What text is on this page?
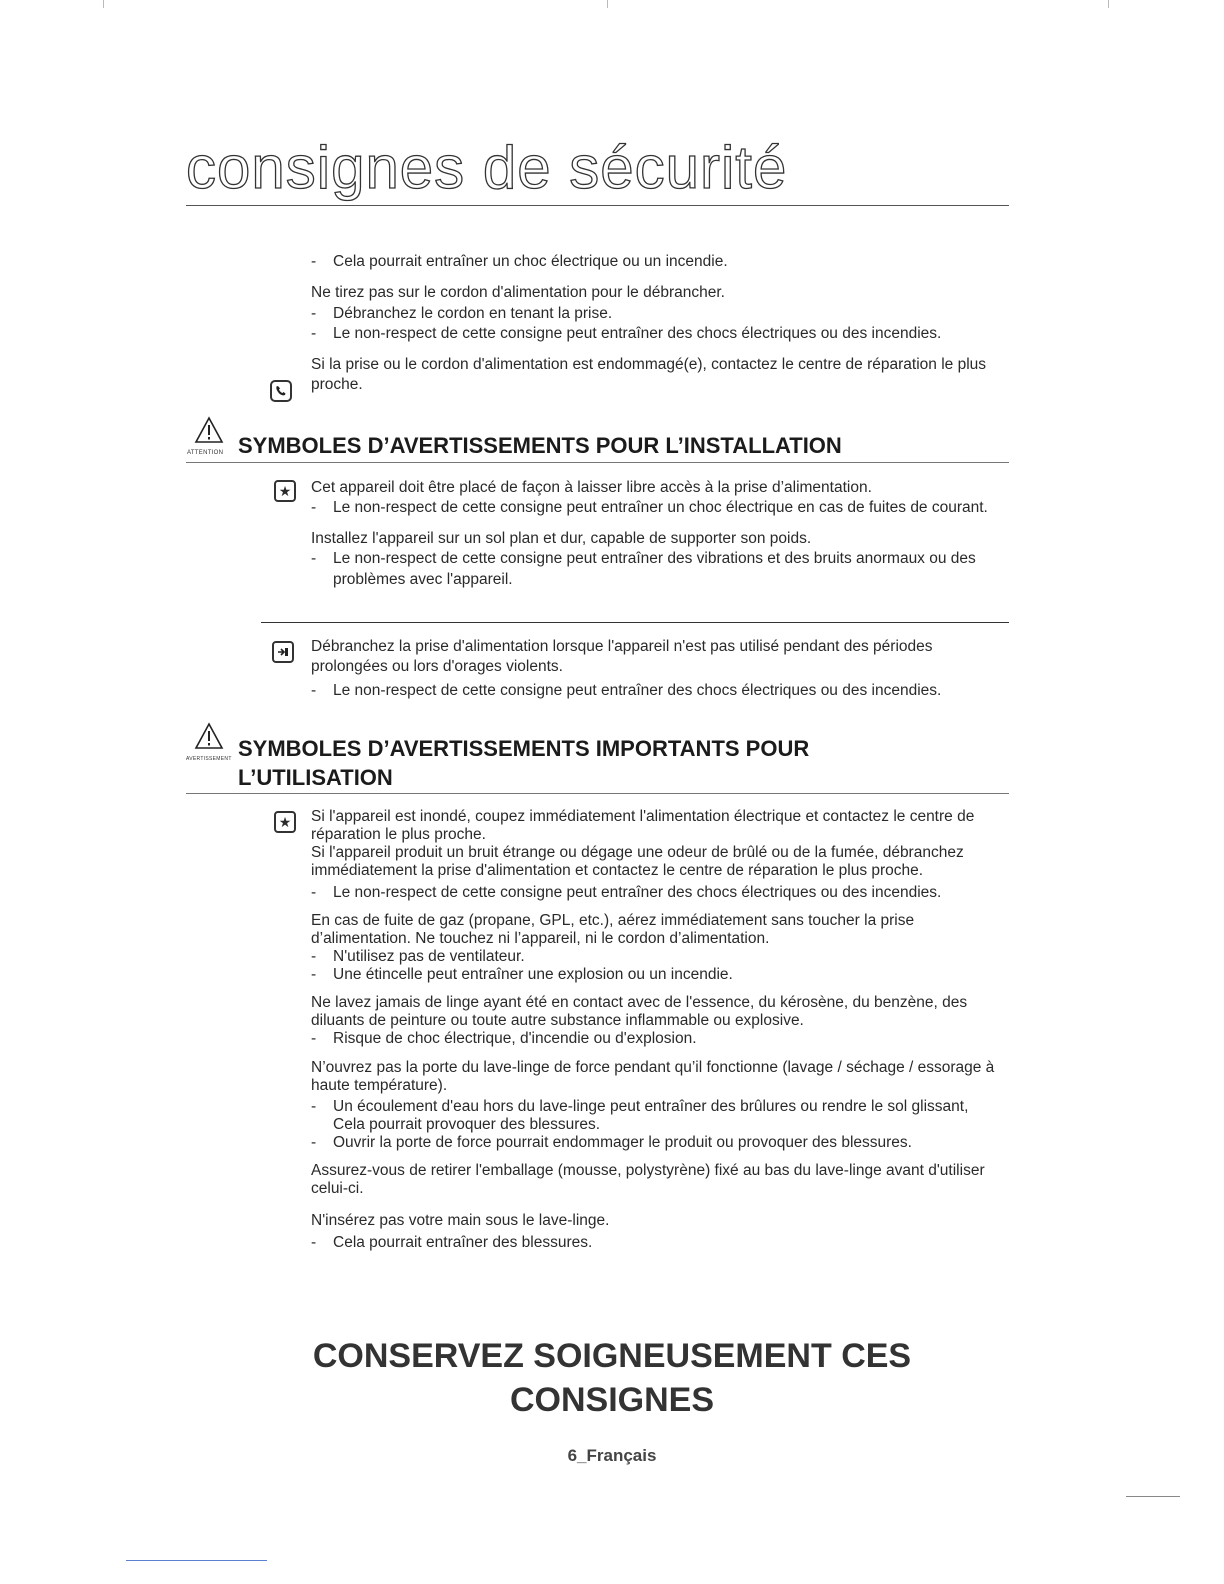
consignes de sécurité
- Cela pourrait entraîner un choc électrique ou un incendie.

Ne tirez pas sur le cordon d'alimentation pour le débrancher.

- Débranchez le cordon en tenant la prise.
- Le non-respect de cette consigne peut entraîner des chocs électriques ou des incendies.

Si la prise ou le cordon d'alimentation est endommagé(e), contactez le centre de réparation le plus proche.

ATTENTION SYMBOLES D’AVERTISSEMENTS POUR L’INSTALLATION
★	Cet appareil doit être placé de façon à laisser libre accès à la prise d’alimentation.

- Le non-respect de cette consigne peut entraîner un choc électrique en cas de fuites de courant.

Installez l'appareil sur un sol plan et dur, capable de supporter son poids.

- Le non-respect de cette consigne peut entraîner des vibrations et des bruits anormaux ou des problèmes avec l'appareil.

Débranchez la prise d'alimentation lorsque l'appareil n'est pas utilisé pendant des périodes prolongées ou lors d'orages violents.

- Le non-respect de cette consigne peut entraîner des chocs électriques ou des incendies.
AVERTISSEMENT SYMBOLES D’AVERTISSEMENTS IMPORTANTS POUR
L’UTILISATION
★	Si l'appareil est inondé, coupez immédiatement l'alimentation électrique et contactez le centre de réparation le plus proche.

Si l'appareil produit un bruit étrange ou dégage une odeur de brûlé ou de la fumée, débranchez immédiatement la prise d'alimentation et contactez le centre de réparation le plus proche.

- Le non-respect de cette consigne peut entraîner des chocs électriques ou des incendies.

En cas de fuite de gaz (propane, GPL, etc.), aérez immédiatement sans toucher la prise d’alimentation. Ne touchez ni l’appareil, ni le cordon d’alimentation.

- N'utilisez pas de ventilateur.
- Une étincelle peut entraîner une explosion ou un incendie.

Ne lavez jamais de linge ayant été en contact avec de l'essence, du kérosène, du benzène, des diluants de peinture ou toute autre substance inflammable ou explosive.

- Risque de choc électrique, d'incendie ou d'explosion.

N’ouvrez pas la porte du lave-linge de force pendant qu’il fonctionne (lavage / séchage / essorage à haute température).

- Un écoulement d'eau hors du lave-linge peut entraîner des brûlures ou rendre le sol glissant,
Cela pourrait provoquer des blessures.
- Ouvrir la porte de force pourrait endommager le produit ou provoquer des blessures.

Assurez-vous de retirer l'emballage (mousse, polystyrène) fixé au bas du lave-linge avant d'utiliser celui-ci.

N'insérez pas votre main sous le lave-linge.

- Cela pourrait entraîner des blessures.
CONSERVEZ SOIGNEUSEMENT CES
CONSIGNES
6_Français
